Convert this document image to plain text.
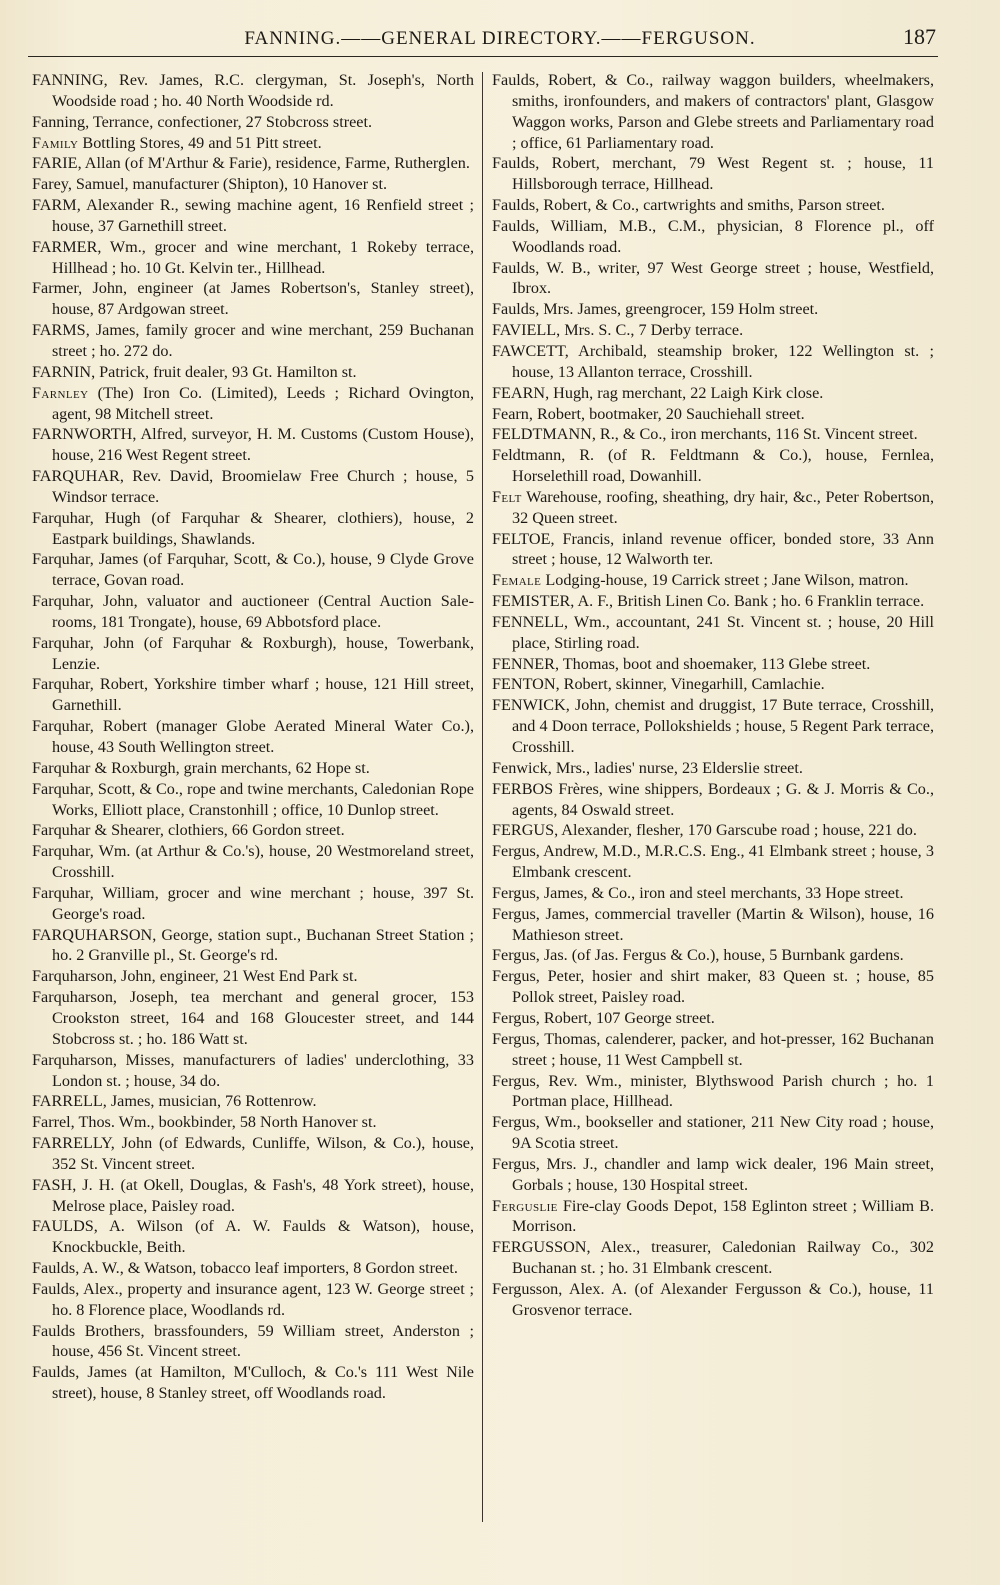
FANNING.——GENERAL DIRECTORY.——FERGUSON.	187

FANNING, Rev. James, R.C. clergyman, St. Joseph's, North Woodside road ; ho. 40 North Woodside rd.

Fanning, Terrance, confectioner, 27 Stobcross street.

Family Bottling Stores, 49 and 51 Pitt street.

FARIE, Allan (of M'Arthur & Farie), residence, Farme, Rutherglen.

Farey, Samuel, manufacturer (Shipton), 10 Hanover st.

FARM, Alexander R., sewing machine agent, 16 Renfield street ; house, 37 Garnethill street.

FARMER, Wm., grocer and wine merchant, 1 Rokeby terrace, Hillhead ; ho. 10 Gt. Kelvin ter., Hillhead.

Farmer, John, engineer (at James Robertson's, Stanley street), house, 87 Ardgowan street.

FARMS, James, family grocer and wine merchant, 259 Buchanan street ; ho. 272 do.

FARNIN, Patrick, fruit dealer, 93 Gt. Hamilton st.

Farnley (The) Iron Co. (Limited), Leeds ; Richard Ovington, agent, 98 Mitchell street.

FARNWORTH, Alfred, surveyor, H. M. Customs (Custom House), house, 216 West Regent street.

FARQUHAR, Rev. David, Broomielaw Free Church ; house, 5 Windsor terrace.

Farquhar, Hugh (of Farquhar & Shearer, clothiers), house, 2 Eastpark buildings, Shawlands.

Farquhar, James (of Farquhar, Scott, & Co.), house, 9 Clyde Grove terrace, Govan road.

Farquhar, John, valuator and auctioneer (Central Auction Sale-rooms, 181 Trongate), house, 69 Abbotsford place.

Farquhar, John (of Farquhar & Roxburgh), house, Towerbank, Lenzie.

Farquhar, Robert, Yorkshire timber wharf ; house, 121 Hill street, Garnethill.

Farquhar, Robert (manager Globe Aerated Mineral Water Co.), house, 43 South Wellington street.

Farquhar & Roxburgh, grain merchants, 62 Hope st.

Farquhar, Scott, & Co., rope and twine merchants, Caledonian Rope Works, Elliott place, Cranstonhill ; office, 10 Dunlop street.

Farquhar & Shearer, clothiers, 66 Gordon street.

Farquhar, Wm. (at Arthur & Co.'s), house, 20 Westmoreland street, Crosshill.

Farquhar, William, grocer and wine merchant ; house, 397 St. George's road.

FARQUHARSON, George, station supt., Buchanan Street Station ; ho. 2 Granville pl., St. George's rd.

Farquharson, John, engineer, 21 West End Park st.

Farquharson, Joseph, tea merchant and general grocer, 153 Crookston street, 164 and 168 Gloucester street, and 144 Stobcross st. ; ho. 186 Watt st.

Farquharson, Misses, manufacturers of ladies' underclothing, 33 London st. ; house, 34 do.

FARRELL, James, musician, 76 Rottenrow.

Farrel, Thos. Wm., bookbinder, 58 North Hanover st.

FARRELLY, John (of Edwards, Cunliffe, Wilson, & Co.), house, 352 St. Vincent street.

FASH, J. H. (at Okell, Douglas, & Fash's, 48 York street), house, Melrose place, Paisley road.

FAULDS, A. Wilson (of A. W. Faulds & Watson), house, Knockbuckle, Beith.

Faulds, A. W., & Watson, tobacco leaf importers, 8 Gordon street.

Faulds, Alex., property and insurance agent, 123 W. George street ; ho. 8 Florence place, Woodlands rd.

Faulds Brothers, brassfounders, 59 William street, Anderston ; house, 456 St. Vincent street.

Faulds, James (at Hamilton, M'Culloch, & Co.'s 111 West Nile street), house, 8 Stanley street, off Woodlands road.

Faulds, Robert, & Co., railway waggon builders, wheelmakers, smiths, ironfounders, and makers of contractors' plant, Glasgow Waggon works, Parson and Glebe streets and Parliamentary road ; office, 61 Parliamentary road.

Faulds, Robert, merchant, 79 West Regent st. ; house, 11 Hillsborough terrace, Hillhead.

Faulds, Robert, & Co., cartwrights and smiths, Parson street.

Faulds, William, M.B., C.M., physician, 8 Florence pl., off Woodlands road.

Faulds, W. B., writer, 97 West George street ; house, Westfield, Ibrox.

Faulds, Mrs. James, greengrocer, 159 Holm street.

FAVIELL, Mrs. S. C., 7 Derby terrace.

FAWCETT, Archibald, steamship broker, 122 Wellington st. ; house, 13 Allanton terrace, Crosshill.

FEARN, Hugh, rag merchant, 22 Laigh Kirk close.

Fearn, Robert, bootmaker, 20 Sauchiehall street.

FELDTMANN, R., & Co., iron merchants, 116 St. Vincent street.

Feldtmann, R. (of R. Feldtmann & Co.), house, Fernlea, Horselethill road, Dowanhill.

Felt Warehouse, roofing, sheathing, dry hair, &c., Peter Robertson, 32 Queen street.

FELTOE, Francis, inland revenue officer, bonded store, 33 Ann street ; house, 12 Walworth ter.

Female Lodging-house, 19 Carrick street ; Jane Wilson, matron.

FEMISTER, A. F., British Linen Co. Bank ; ho. 6 Franklin terrace.

FENNELL, Wm., accountant, 241 St. Vincent st. ; house, 20 Hill place, Stirling road.

FENNER, Thomas, boot and shoemaker, 113 Glebe street.

FENTON, Robert, skinner, Vinegarhill, Camlachie.

FENWICK, John, chemist and druggist, 17 Bute terrace, Crosshill, and 4 Doon terrace, Pollokshields ; house, 5 Regent Park terrace, Crosshill.

Fenwick, Mrs., ladies' nurse, 23 Elderslie street.

FERBOS Frères, wine shippers, Bordeaux ; G. & J. Morris & Co., agents, 84 Oswald street.

FERGUS, Alexander, flesher, 170 Garscube road ; house, 221 do.

Fergus, Andrew, M.D., M.R.C.S. Eng., 41 Elmbank street ; house, 3 Elmbank crescent.

Fergus, James, & Co., iron and steel merchants, 33 Hope street.

Fergus, James, commercial traveller (Martin & Wilson), house, 16 Mathieson street.

Fergus, Jas. (of Jas. Fergus & Co.), house, 5 Burnbank gardens.

Fergus, Peter, hosier and shirt maker, 83 Queen st. ; house, 85 Pollok street, Paisley road.

Fergus, Robert, 107 George street.

Fergus, Thomas, calenderer, packer, and hot-presser, 162 Buchanan street ; house, 11 West Campbell st.

Fergus, Rev. Wm., minister, Blythswood Parish church ; ho. 1 Portman place, Hillhead.

Fergus, Wm., bookseller and stationer, 211 New City road ; house, 9A Scotia street.

Fergus, Mrs. J., chandler and lamp wick dealer, 196 Main street, Gorbals ; house, 130 Hospital street.

Ferguslie Fire-clay Goods Depot, 158 Eglinton street ; William B. Morrison.

FERGUSSON, Alex., treasurer, Caledonian Railway Co., 302 Buchanan st. ; ho. 31 Elmbank crescent.

Fergusson, Alex. A. (of Alexander Fergusson & Co.), house, 11 Grosvenor terrace.
